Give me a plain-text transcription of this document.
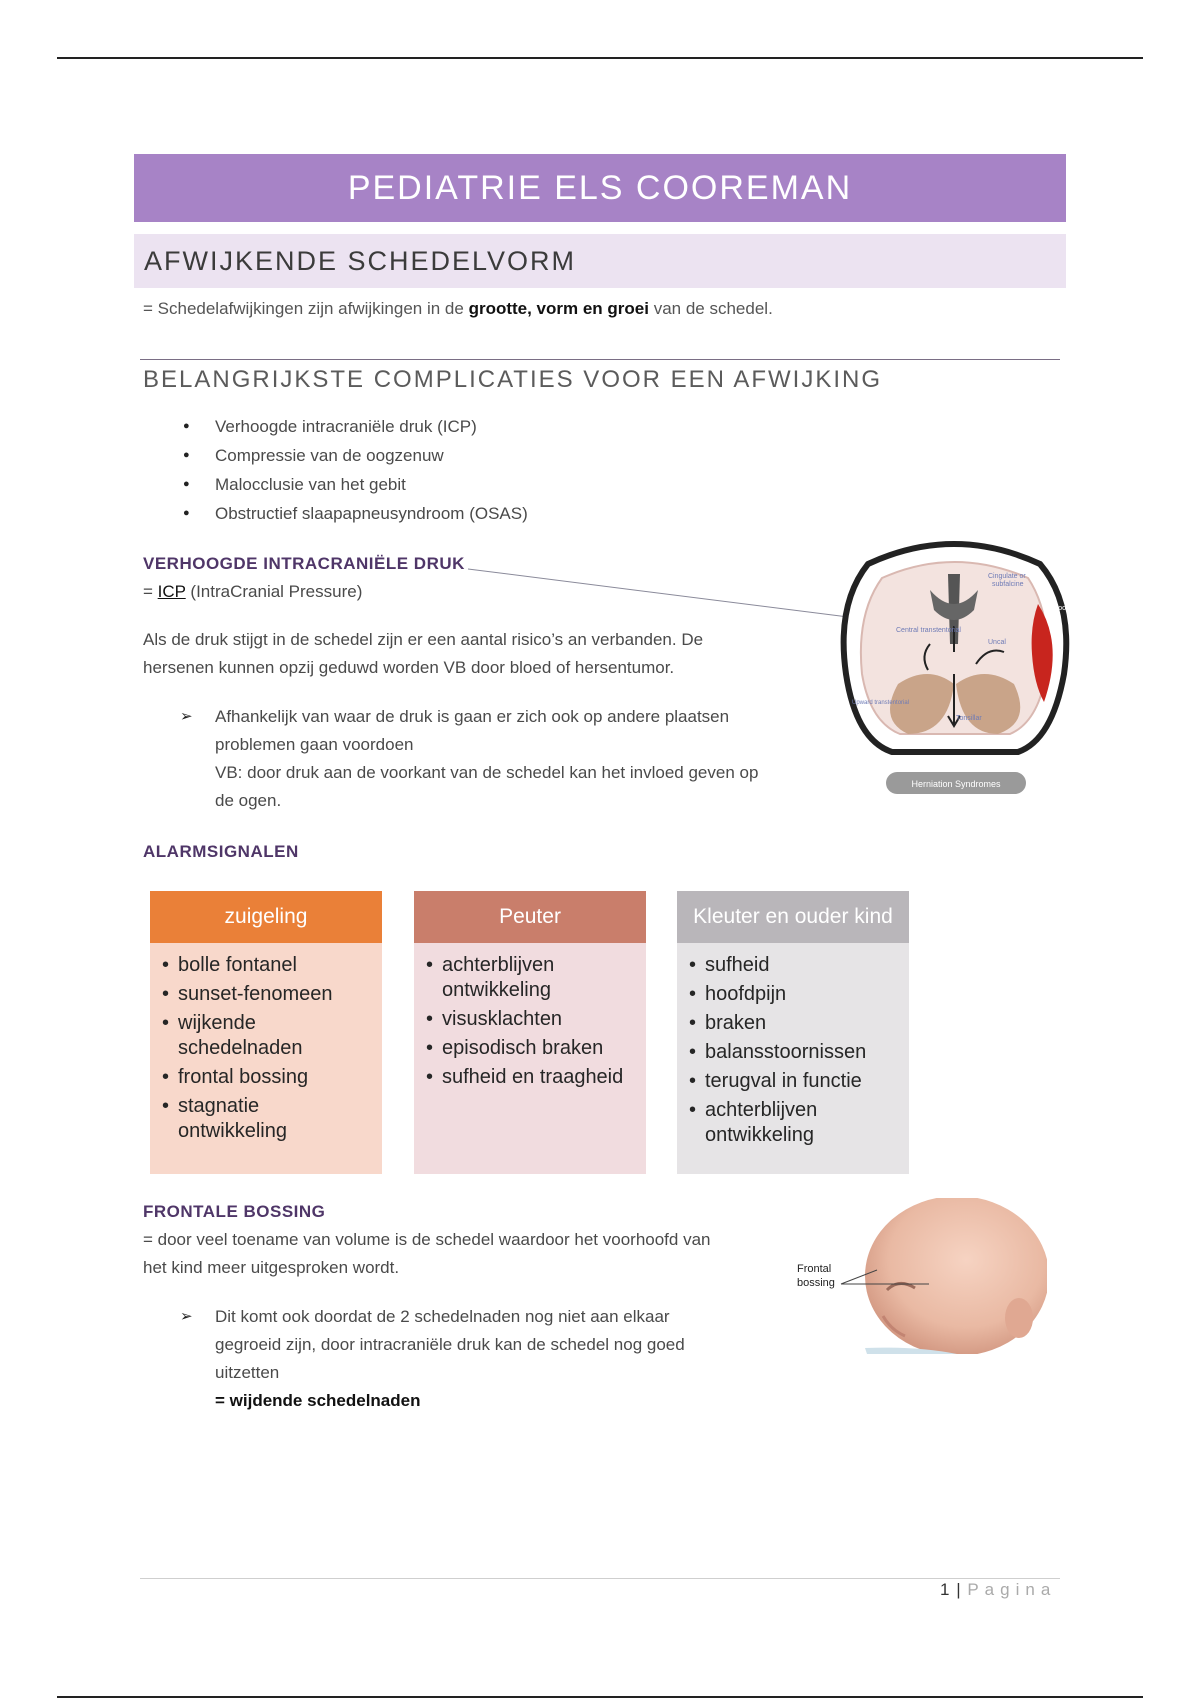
PEDIATRIE ELS COOREMAN
AFWIJKENDE SCHEDELVORM
= Schedelafwijkingen zijn afwijkingen in de grootte, vorm en groei van de schedel.
BELANGRIJKSTE COMPLICATIES VOOR EEN AFWIJKING
● Verhoogde intracraniële druk (ICP)
● Compressie van de oogzenuw
● Malocclusie van het gebit
● Obstructief slaapapneusyndroom (OSAS)
VERHOOGDE INTRACRANIËLE DRUK
= ICP (IntraCranial Pressure)
Als de druk stijgt in de schedel zijn er een aantal risico’s an verbanden. De
hersenen kunnen opzij geduwd worden VB door bloed of hersentumor.
➢ Afhankelijk van waar de druk is gaan er zich ook op andere plaatsen
problemen gaan voordoen
VB: door druk aan de voorkant van de schedel kan het invloed geven op
de ogen.
Cingulate or
subfalcine
Central transtentorial
Uncal
Blood
Upward transtentorial
Tonsillar
Herniation Syndromes
ALARMSIGNALEN
zuigeling
• bolle fontanel
• sunset-fenomeen
• wijkende schedelnaden
• frontal bossing
• stagnatie ontwikkeling
Peuter
• achterblijven ontwikkeling
• visusklachten
• episodisch braken
• sufheid en traagheid
Kleuter en ouder kind
• sufheid
• hoofdpijn
• braken
• balansstoornissen
• terugval in functie
• achterblijven ontwikkeling
FRONTALE BOSSING
= door veel toename van volume is de schedel waardoor het voorhoofd van
het kind meer uitgesproken wordt.
➢ Dit komt ook doordat de 2 schedelnaden nog niet aan elkaar
gegroeid zijn, door intracraniële druk kan de schedel nog goed
uitzetten
= wijdende schedelnaden
Frontal
bossing
1 | Pagina
